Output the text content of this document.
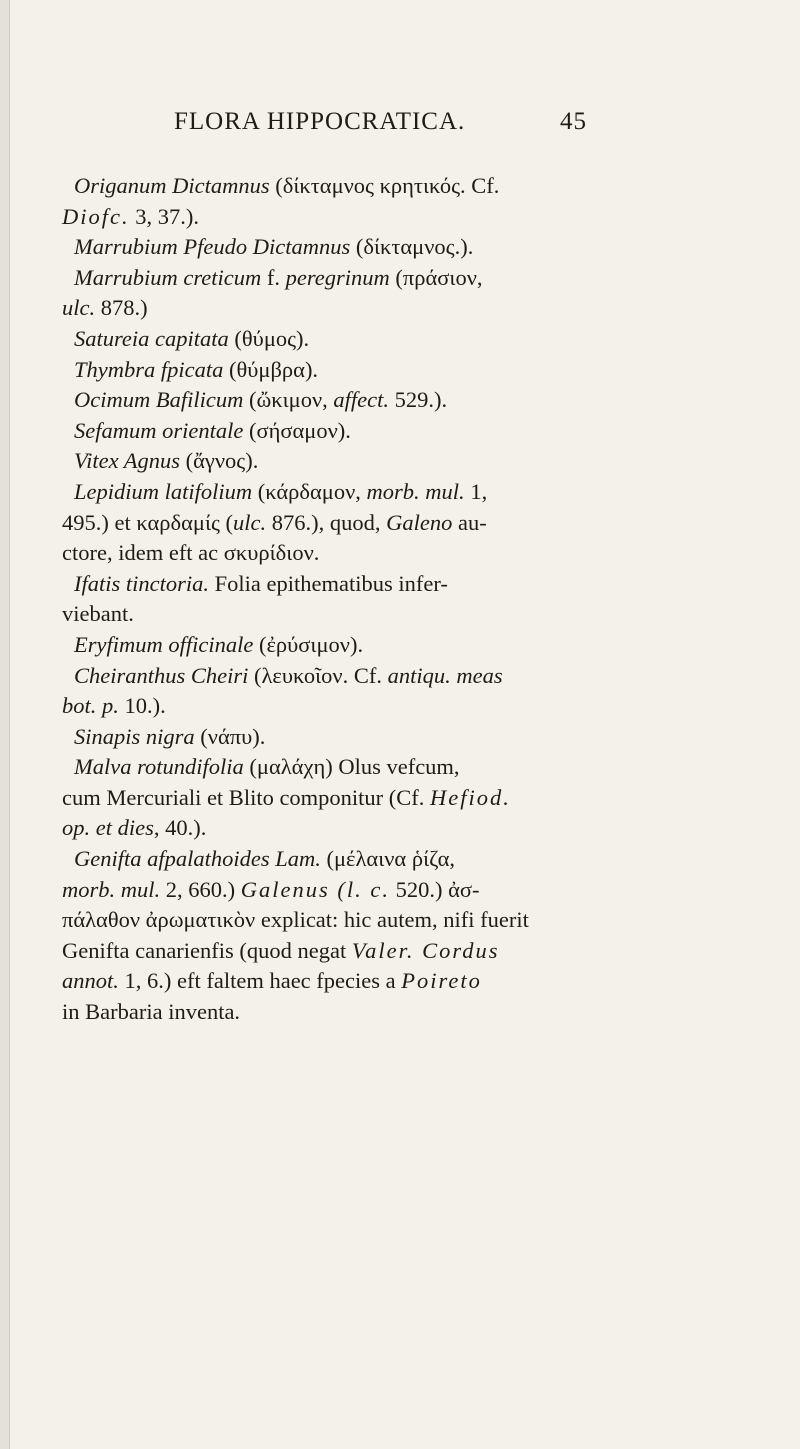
FLORA HIPPOCRATICA.	45
Origanum Dictamnus (δίκταμνος κρητικός. Cf.
Diofc. 3, 37.).
Marrubium Pfeudo Dictamnus (δίκταμνος.).
Marrubium creticum f. peregrinum (πράσιον,
ulc. 878.)
Satureia capitata (θύμος).
Thymbra fpicata (θύμβρα).
Ocimum Bafilicum (ὤκιμον, affect. 529.).
Sefamum orientale (σήσαμον).
Vitex Agnus (ἄγνος).
Lepidium latifolium (κάρδαμον, morb. mul. 1,
495.) et καρδαμίς (ulc. 876.), quod, Galeno au-
ctore, idem eft ac σκυρίδιον.
Ifatis tinctoria. Folia epithematibus infer-
viebant.
Eryfimum officinale (ἐρύσιμον).
Cheiranthus Cheiri (λευκοῖον. Cf. antiqu. meas
bot. p. 10.).
Sinapis nigra (νάπυ).
Malva rotundifolia (μαλάχη) Olus vefcum,
cum Mercuriali et Blito componitur (Cf. Hefiod.
op. et dies, 40.).
Genifta afpalathoides Lam. (μέλαινα ῥίζα,
morb. mul. 2, 660.) Galenus (l. c. 520.) ἀσ-
πάλαθον ἀρωματικὸν explicat: hic autem, nifi fuerit
Genifta canarienfis (quod negat Valer. Cordus
annot. 1, 6.) eft faltem haec fpecies a Poireto
in Barbaria inventa.
